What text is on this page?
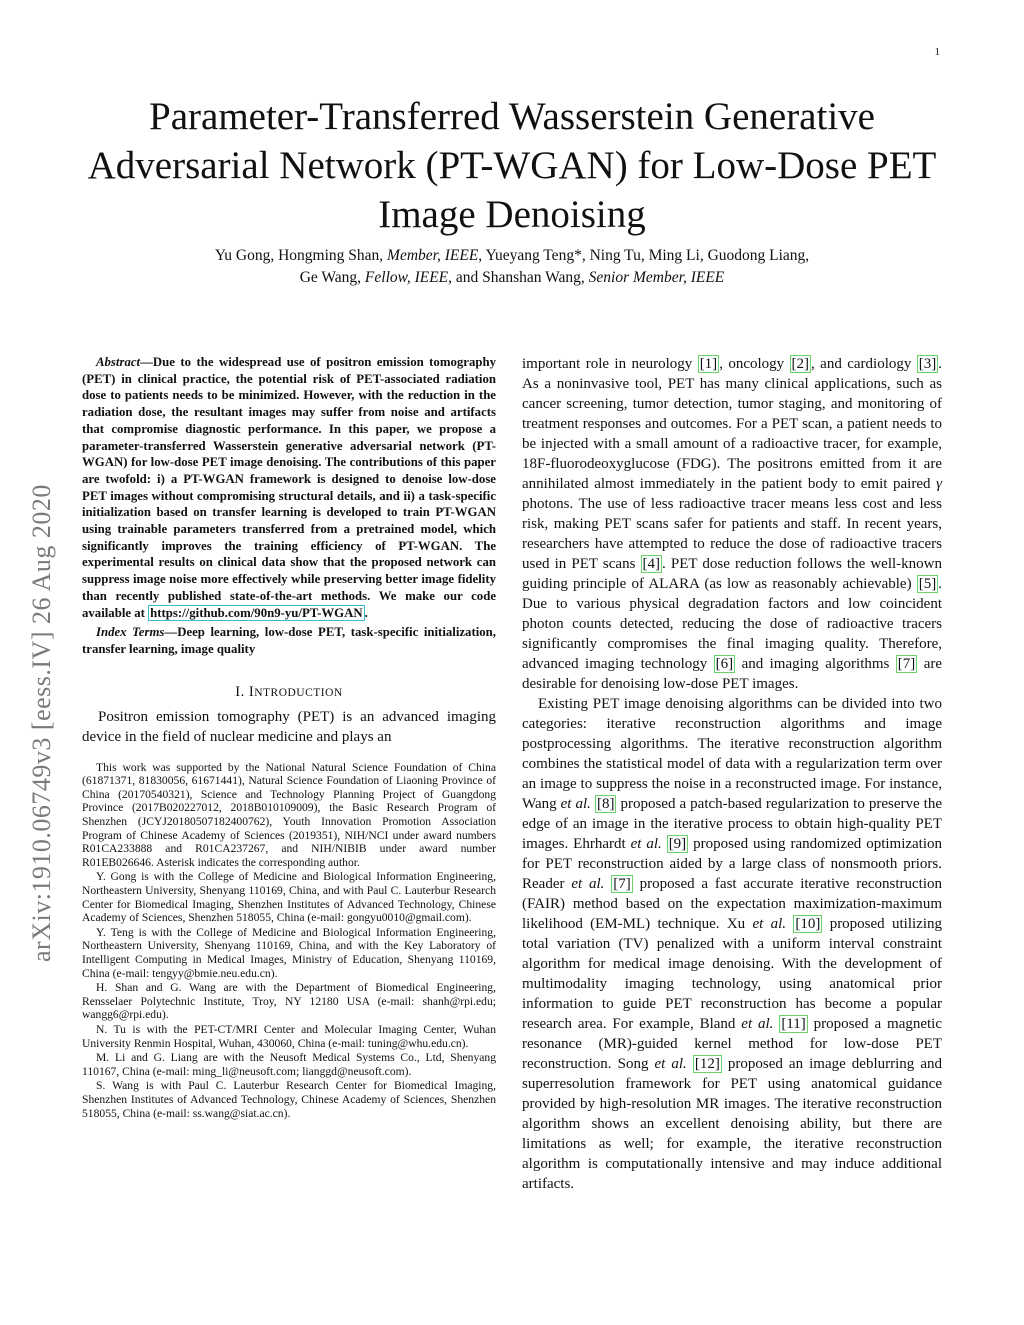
1
arXiv:1910.06749v3 [eess.IV] 26 Aug 2020
Parameter-Transferred Wasserstein Generative Adversarial Network (PT-WGAN) for Low-Dose PET Image Denoising
Yu Gong, Hongming Shan, Member, IEEE, Yueyang Teng*, Ning Tu, Ming Li, Guodong Liang,
Ge Wang, Fellow, IEEE, and Shanshan Wang, Senior Member, IEEE

Abstract—Due to the widespread use of positron emission tomography (PET) in clinical practice, the potential risk of PET-associated radiation dose to patients needs to be minimized. However, with the reduction in the radiation dose, the resultant images may suffer from noise and artifacts that compromise diagnostic performance. In this paper, we propose a parameter-transferred Wasserstein generative adversarial network (PT-WGAN) for low-dose PET image denoising. The contributions of this paper are twofold: i) a PT-WGAN framework is designed to denoise low-dose PET images without compromising structural details, and ii) a task-specific initialization based on transfer learning is developed to train PT-WGAN using trainable parameters transferred from a pretrained model, which significantly improves the training efficiency of PT-WGAN. The experimental results on clinical data show that the proposed network can suppress image noise more effectively while preserving better image fidelity than recently published state-of-the-art methods. We make our code available at https://github.com/90n9-yu/PT-WGAN .

Index Terms—Deep learning, low-dose PET, task-specific initialization, transfer learning, image quality

I. INTRODUCTION

Positron emission tomography (PET) is an advanced imaging device in the field of nuclear medicine and plays an

This work was supported by the National Natural Science Foundation of China (61871371, 81830056, 61671441), Natural Science Foundation of Liaoning Province of China (20170540321), Science and Technology Planning Project of Guangdong Province (2017B020227012, 2018B010109009), the Basic Research Program of Shenzhen (JCYJ20180507182400762), Youth Innovation Promotion Association Program of Chinese Academy of Sciences (2019351), NIH/NCI under award numbers R01CA233888 and R01CA237267, and NIH/NIBIB under award number R01EB026646. Asterisk indicates the corresponding author.

Y. Gong is with the College of Medicine and Biological Information Engineering, Northeastern University, Shenyang 110169, China, and with Paul C. Lauterbur Research Center for Biomedical Imaging, Shenzhen Institutes of Advanced Technology, Chinese Academy of Sciences, Shenzhen 518055, China (e-mail: gongyu0010@gmail.com).

Y. Teng is with the College of Medicine and Biological Information Engineering, Northeastern University, Shenyang 110169, China, and with the Key Laboratory of Intelligent Computing in Medical Images, Ministry of Education, Shenyang 110169, China (e-mail: tengyy@bmie.neu.edu.cn).

H. Shan and G. Wang are with the Department of Biomedical Engineering, Rensselaer Polytechnic Institute, Troy, NY 12180 USA (e-mail: shanh@rpi.edu; wangg6@rpi.edu).

N. Tu is with the PET-CT/MRI Center and Molecular Imaging Center, Wuhan University Renmin Hospital, Wuhan, 430060, China (e-mail: tuning@whu.edu.cn).

M. Li and G. Liang are with the Neusoft Medical Systems Co., Ltd, Shenyang 110167, China (e-mail: ming_li@neusoft.com; lianggd@neusoft.com).

S. Wang is with Paul C. Lauterbur Research Center for Biomedical Imaging, Shenzhen Institutes of Advanced Technology, Chinese Academy of Sciences, Shenzhen 518055, China (e-mail: ss.wang@siat.ac.cn).

important role in neurology [1] , oncology [2] , and cardiology [3] . As a noninvasive tool, PET has many clinical applications, such as cancer screening, tumor detection, tumor staging, and monitoring of treatment responses and outcomes. For a PET scan, a patient needs to be injected with a small amount of a radioactive tracer, for example, 18F-fluorodeoxyglucose (FDG). The positrons emitted from it are annihilated almost immediately in the patient body to emit paired γ photons. The use of less radioactive tracer means less cost and less risk, making PET scans safer for patients and staff. In recent years, researchers have attempted to reduce the dose of radioactive tracers used in PET scans [4] . PET dose reduction follows the well-known guiding principle of ALARA (as low as reasonably achievable) [5] . Due to various physical degradation factors and low coincident photon counts detected, reducing the dose of radioactive tracers significantly compromises the final imaging quality. Therefore, advanced imaging technology [6] and imaging algorithms [7] are desirable for denoising low-dose PET images.

Existing PET image denoising algorithms can be divided into two categories: iterative reconstruction algorithms and image postprocessing algorithms. The iterative reconstruction algorithm combines the statistical model of data with a regularization term over an image to suppress the noise in a reconstructed image. For instance, Wang et al. [8] proposed a patch-based regularization to preserve the edge of an image in the iterative process to obtain high-quality PET images. Ehrhardt et al. [9] proposed using randomized optimization for PET reconstruction aided by a large class of nonsmooth priors. Reader et al. [7] proposed a fast accurate iterative reconstruction (FAIR) method based on the expectation maximization-maximum likelihood (EM-ML) technique. Xu et al. [10] proposed utilizing total variation (TV) penalized with a uniform interval constraint algorithm for medical image denoising. With the development of multimodality imaging technology, using anatomical prior information to guide PET reconstruction has become a popular research area. For example, Bland et al. [11] proposed a magnetic resonance (MR)-guided kernel method for low-dose PET reconstruction. Song et al. [12] proposed an image deblurring and superresolution framework for PET using anatomical guidance provided by high-resolution MR images. The iterative reconstruction algorithm shows an excellent denoising ability, but there are limitations as well; for example, the iterative reconstruction algorithm is computationally intensive and may induce additional artifacts.
